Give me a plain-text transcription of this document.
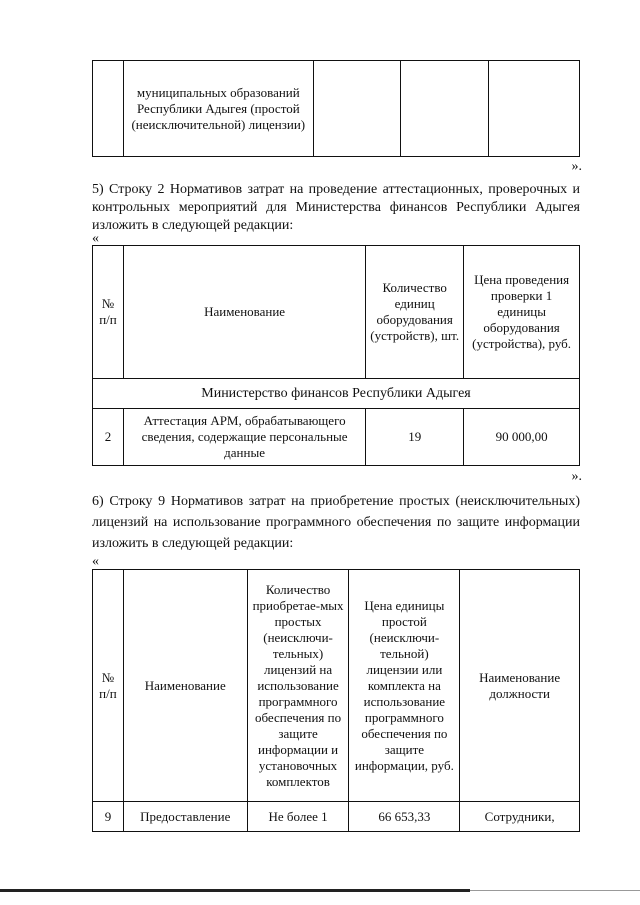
	муниципальных образований Республики Адыгея (простой (неисключительной) лицензии)			
».
5) Строку 2 Нормативов затрат на проведение аттестационных, проверочных и контрольных мероприятий для Министерства финансов Республики Адыгея изложить в следующей редакции:
«
№ п/п	Наименование	Количество единиц оборудования (устройств), шт.	Цена проведения проверки 1 единицы оборудования (устройства), руб.
Министерство финансов Республики Адыгея			
2	Аттестация АРМ, обрабатывающего сведения, содержащие персональные данные	19	90 000,00
».
6) Строку 9 Нормативов затрат на приобретение простых (неисключительных) лицензий на использование программного обеспечения по защите информации изложить в следующей редакции:
«
№ п/п	Наименование	Количество приобретае-мых простых (неисключи-тельных) лицензий на использование программного обеспечения по защите информации и установочных комплектов	Цена единицы простой (неисключи-тельной) лицензии или комплекта на использование программного обеспечения по защите информации, руб.	Наименование должности
9	Предоставление	Не более 1	66 653,33	Сотрудники,
